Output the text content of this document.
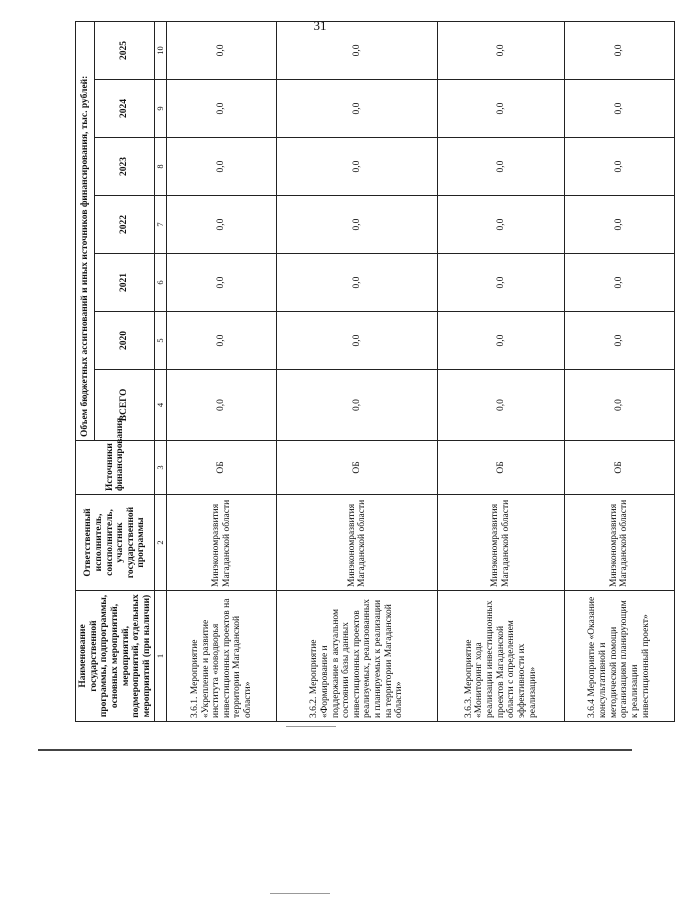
31
Наименование государственной программы, подпрограммы, основных мероприятий, мероприятий, подмероприятий, отдельных мероприятий (при наличии)	Ответственный исполнитель, соисполнитель, участник государственной программы	Источники финансирования	Объем бюджетных ассигнований и иных источников финансирования, тыс. рублей:						
			ВСЕГО	2020	2021	2022	2023	2024	2025
1	2	3	4	5	6	7	8	9	10
3.6.1. Мероприятие «Укрепление и развитие института «новодворья инвестиционных проектов на территории Магаданской области»	Минэкономразвития Магаданской области	ОБ	0,0	0,0	0,0	0,0	0,0	0,0	0,0
3.6.2. Мероприятие «Формирование и поддержание в актуальном состоянии базы данных инвестиционных проектов реализуемых, реализованных и планируемых к реализации на территории Магаданской области»	Минэкономразвития Магаданской области	ОБ	0,0	0,0	0,0	0,0	0,0	0,0	0,0
3.6.3. Мероприятие «Мониторинг хода реализации инвестиционных проектов Магаданской области с определением эффективности их реализации»	Минэкономразвития Магаданской области	ОБ	0,0	0,0	0,0	0,0	0,0	0,0	0,0
3.6.4 Мероприятие «Оказание консультативной и методической помощи организациям планирующим к реализации инвестиционный проект»	Минэкономразвития Магаданской области	ОБ	0,0	0,0	0,0	0,0	0,0	0,0	0,0
